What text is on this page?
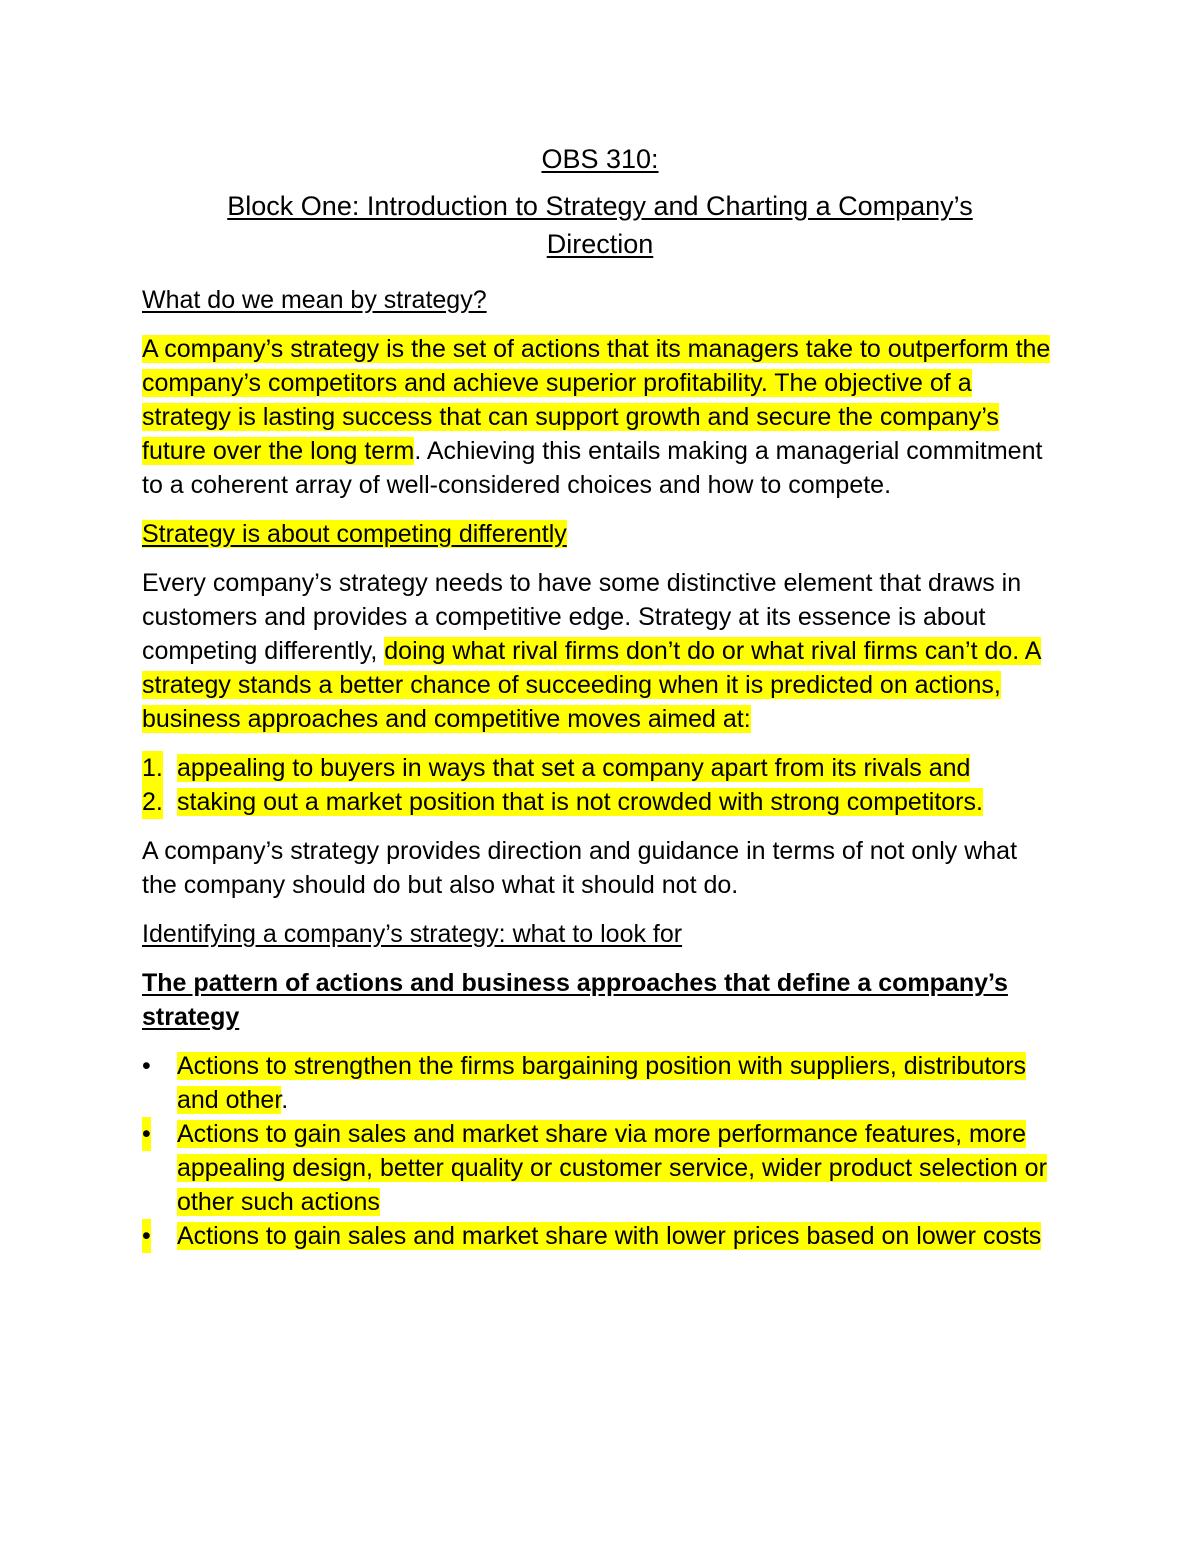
OBS 310:
Block One: Introduction to Strategy and Charting a Company’s
Direction
What do we mean by strategy?

A company’s strategy is the set of actions that its managers take to outperform the company’s competitors and achieve superior profitability. The objective of a strategy is lasting success that can support growth and secure the company’s future over the long term. Achieving this entails making a managerial commitment to a coherent array of well-considered choices and how to compete.

Strategy is about competing differently

Every company’s strategy needs to have some distinctive element that draws in customers and provides a competitive edge. Strategy at its essence is about competing differently, doing what rival firms don’t do or what rival firms can’t do. A strategy stands a better chance of succeeding when it is predicted on actions, business approaches and competitive moves aimed at:

1. appealing to buyers in ways that set a company apart from its rivals and
2. staking out a market position that is not crowded with strong competitors.

A company’s strategy provides direction and guidance in terms of not only what the company should do but also what it should not do.

Identifying a company’s strategy: what to look for
The pattern of actions and business approaches that define a company’s strategy
• Actions to strengthen the firms bargaining position with suppliers, distributors and other.
• Actions to gain sales and market share via more performance features, more appealing design, better quality or customer service, wider product selection or other such actions
• Actions to gain sales and market share with lower prices based on lower costs
